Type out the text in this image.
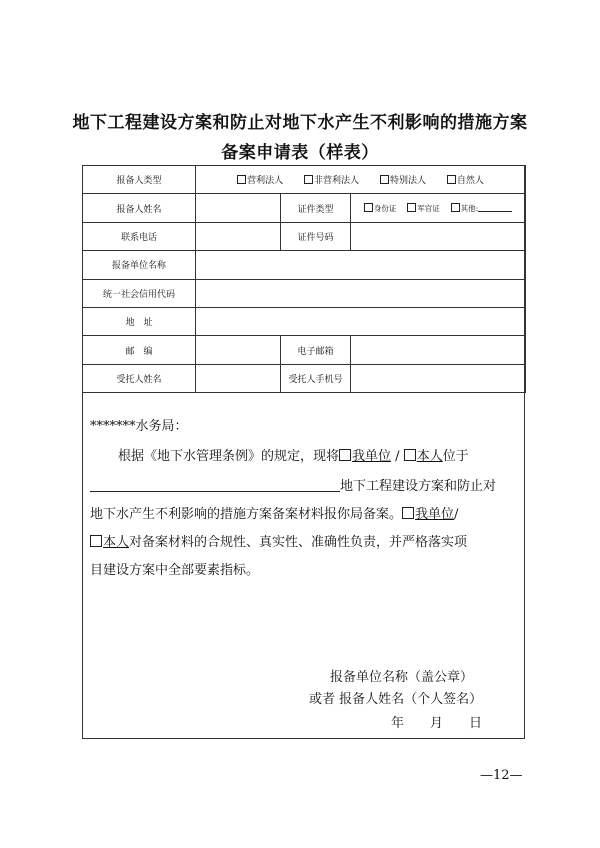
地下工程建设方案和防止对地下水产生不利影响的措施方案
备案申请表（样表）
报备人类型	营利法人 非营利法人 特别法人 自然人		
报备人姓名		证件类型	身份证 军官证 其他:
联系电话		证件号码	
报备单位名称			
统一社会信用代码			
地　址			
邮　编		电子邮箱	
受托人姓名		受托人手机号	
*******水务局：
根据《地下水管理条例》的规定，现将 我单位 / 本人位于
地下工程建设方案和防止对
地下水产生不利影响的措施方案备案材料报你局备案。 我单位/
本人对备案材料的合规性、真实性、准确性负责，并严格落实项
目建设方案中全部要素指标。
报备单位名称（盖公章）
或者 报备人姓名（个人签名）
年　　月　　日
—12—
